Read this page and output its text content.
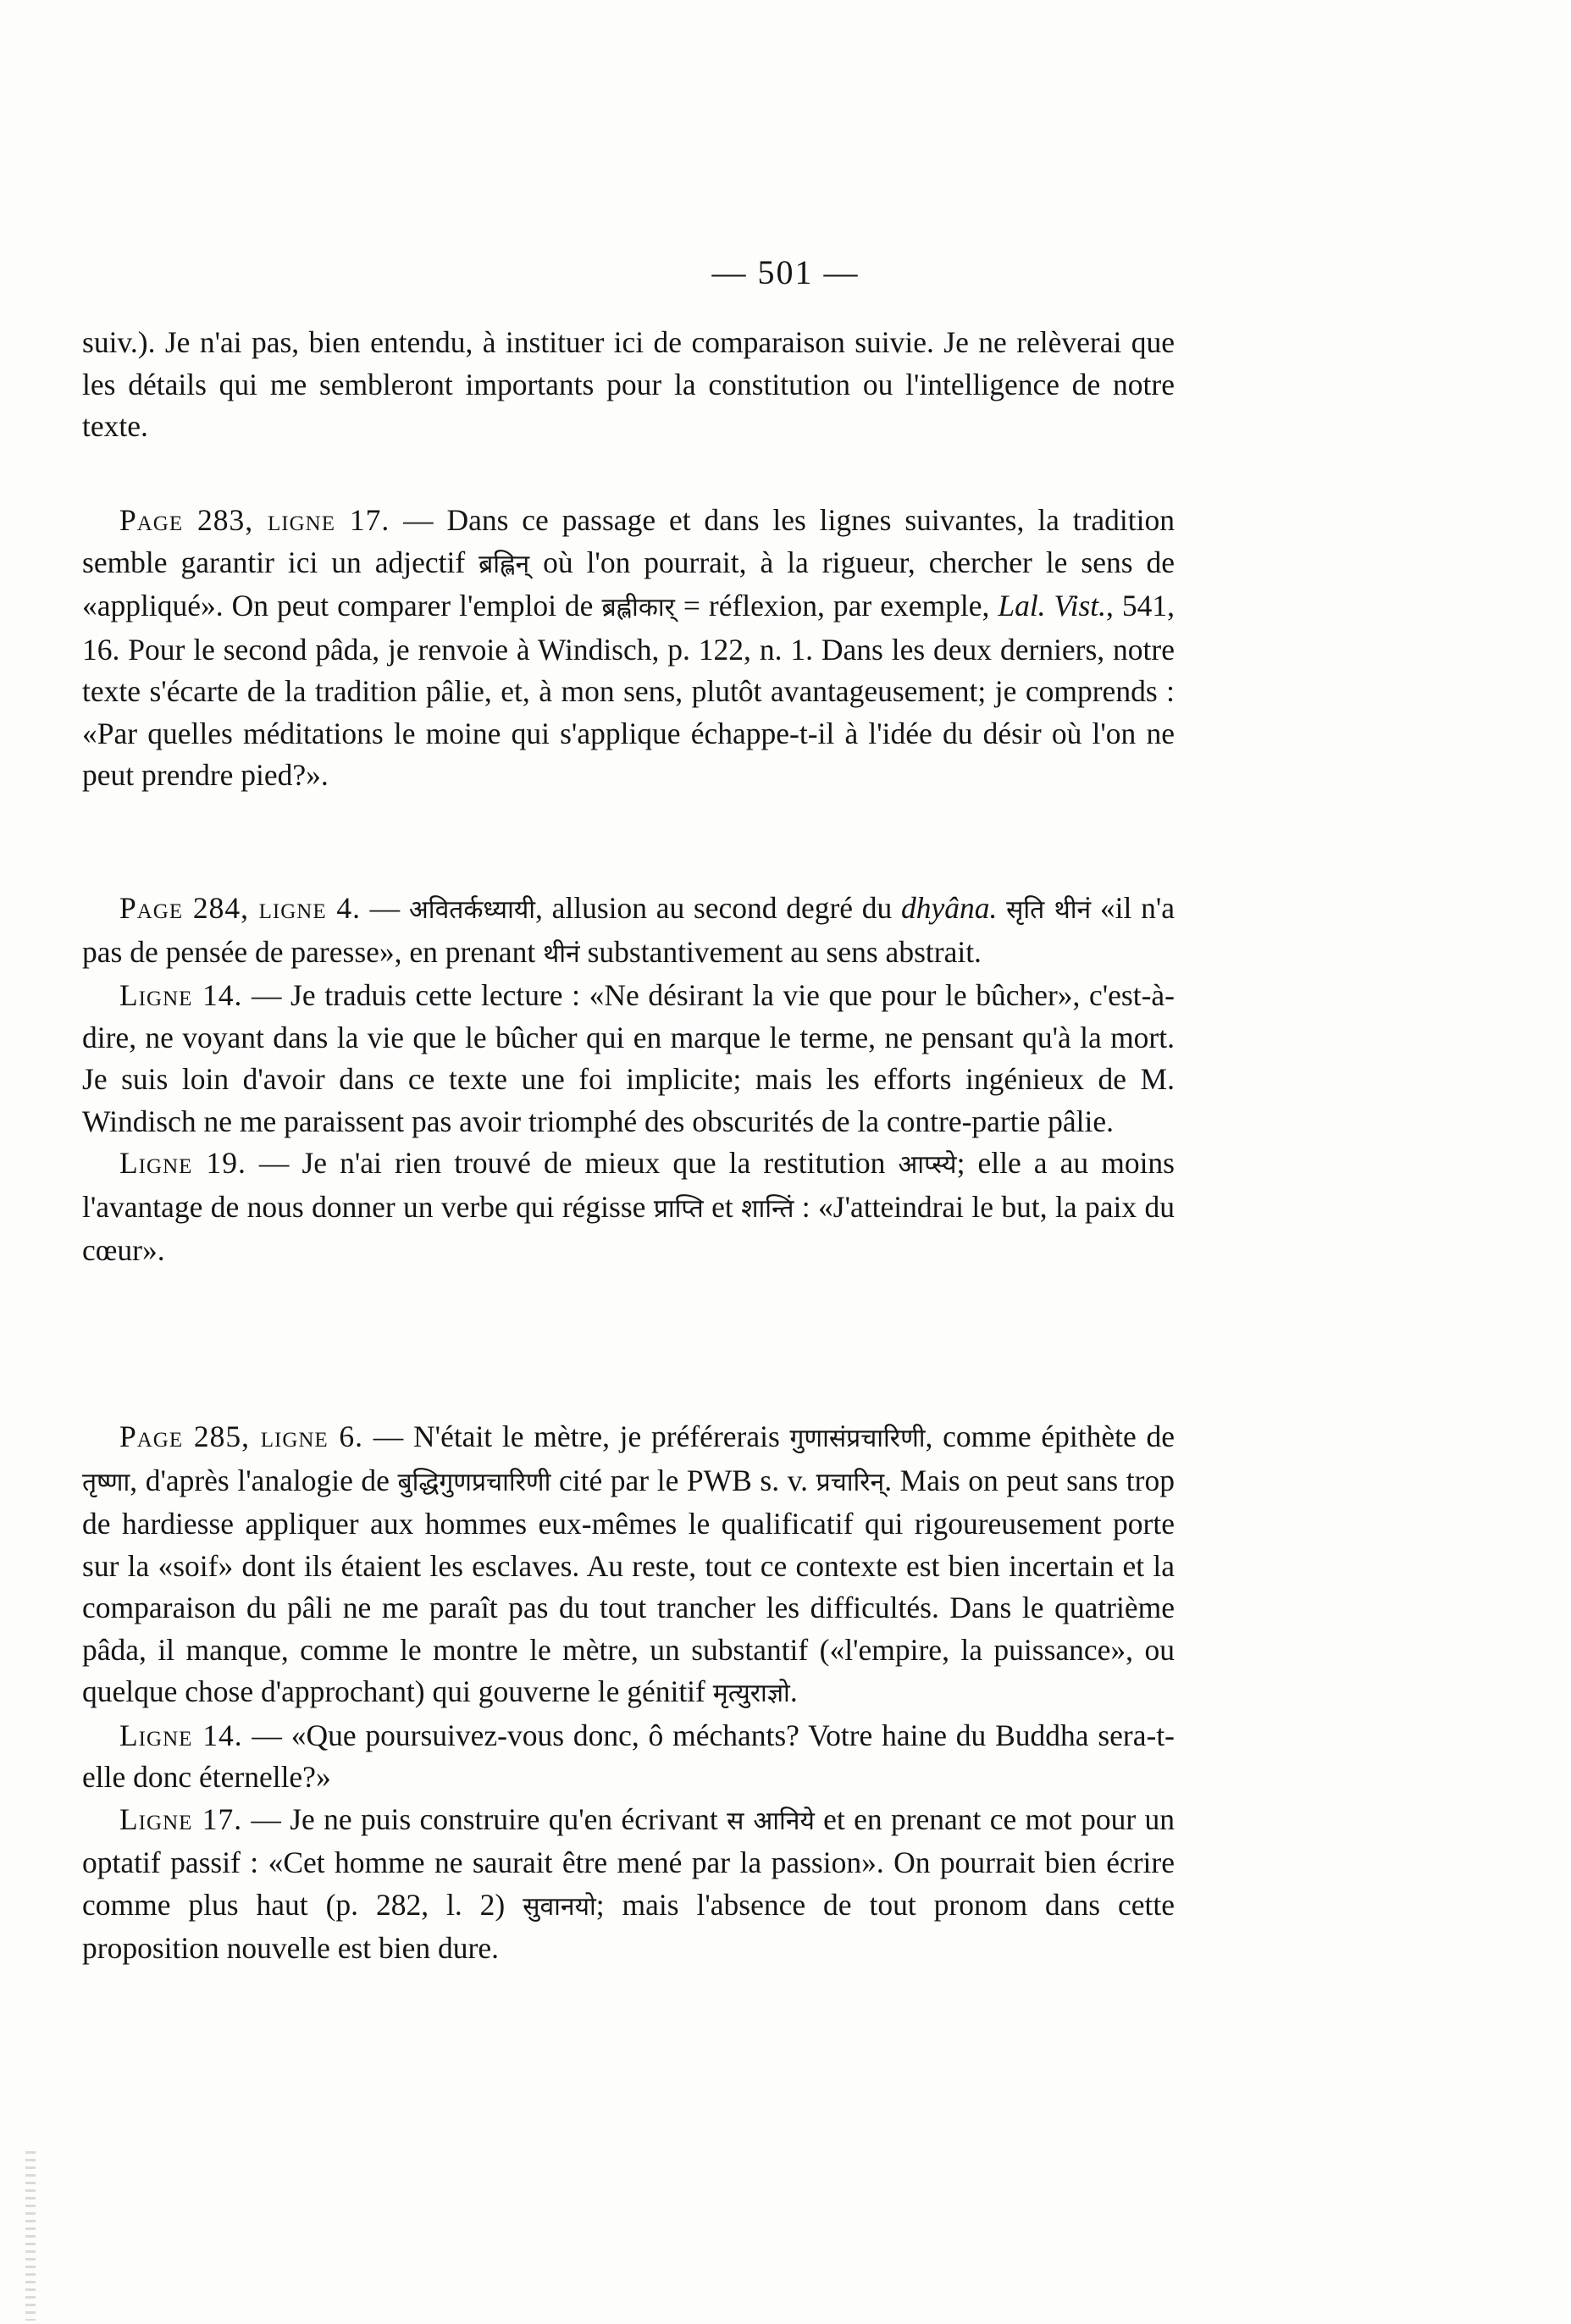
— 501 —

suiv.). Je n'ai pas, bien entendu, à instituer ici de comparaison suivie. Je ne relèverai que les détails qui me sembleront importants pour la constitution ou l'intelligence de notre texte.

Page 283, ligne 17. — Dans ce passage et dans les lignes suivantes, la tradition semble garantir ici un adjectif ब्रह्लिन् où l'on pourrait, à la rigueur, chercher le sens de «appliqué». On peut comparer l'emploi de ब्रह्लीकार् = réflexion, par exemple, Lal. Vist., 541, 16. Pour le second pâda, je renvoie à Windisch, p. 122, n. 1. Dans les deux derniers, notre texte s'écarte de la tradition pâlie, et, à mon sens, plutôt avantageusement; je comprends : «Par quelles méditations le moine qui s'applique échappe-t-il à l'idée du désir où l'on ne peut prendre pied?».

Page 284, ligne 4. — अवितर्कध्यायी, allusion au second degré du dhyâna. सृति थीनं «il n'a pas de pensée de paresse», en prenant थीनं substantivement au sens abstrait.

Ligne 14. — Je traduis cette lecture : «Ne désirant la vie que pour le bûcher», c'est-à-dire, ne voyant dans la vie que le bûcher qui en marque le terme, ne pensant qu'à la mort. Je suis loin d'avoir dans ce texte une foi implicite; mais les efforts ingénieux de M. Windisch ne me paraissent pas avoir triomphé des obscurités de la contre-partie pâlie.

Ligne 19. — Je n'ai rien trouvé de mieux que la restitution आप्स्ये; elle a au moins l'avantage de nous donner un verbe qui régisse प्राप्ति et शान्तिं : «J'atteindrai le but, la paix du cœur».

Page 285, ligne 6. — N'était le mètre, je préférerais गुणासंप्रचारिणी, comme épithète de तृष्णा, d'après l'analogie de बुद्धिगुणप्रचारिणी cité par le PWB s. v. प्रचारिन्. Mais on peut sans trop de hardiesse appliquer aux hommes eux-mêmes le qualificatif qui rigoureusement porte sur la «soif» dont ils étaient les esclaves. Au reste, tout ce contexte est bien incertain et la comparaison du pâli ne me paraît pas du tout trancher les difficultés. Dans le quatrième pâda, il manque, comme le montre le mètre, un substantif («l'empire, la puissance», ou quelque chose d'approchant) qui gouverne le génitif मृत्युराज्ञो.

Ligne 14. — «Que poursuivez-vous donc, ô méchants? Votre haine du Buddha sera-t-elle donc éternelle?»

Ligne 17. — Je ne puis construire qu'en écrivant स आनिये et en prenant ce mot pour un optatif passif : «Cet homme ne saurait être mené par la passion». On pourrait bien écrire comme plus haut (p. 282, l. 2) सुवानयो; mais l'absence de tout pronom dans cette proposition nouvelle est bien dure.
